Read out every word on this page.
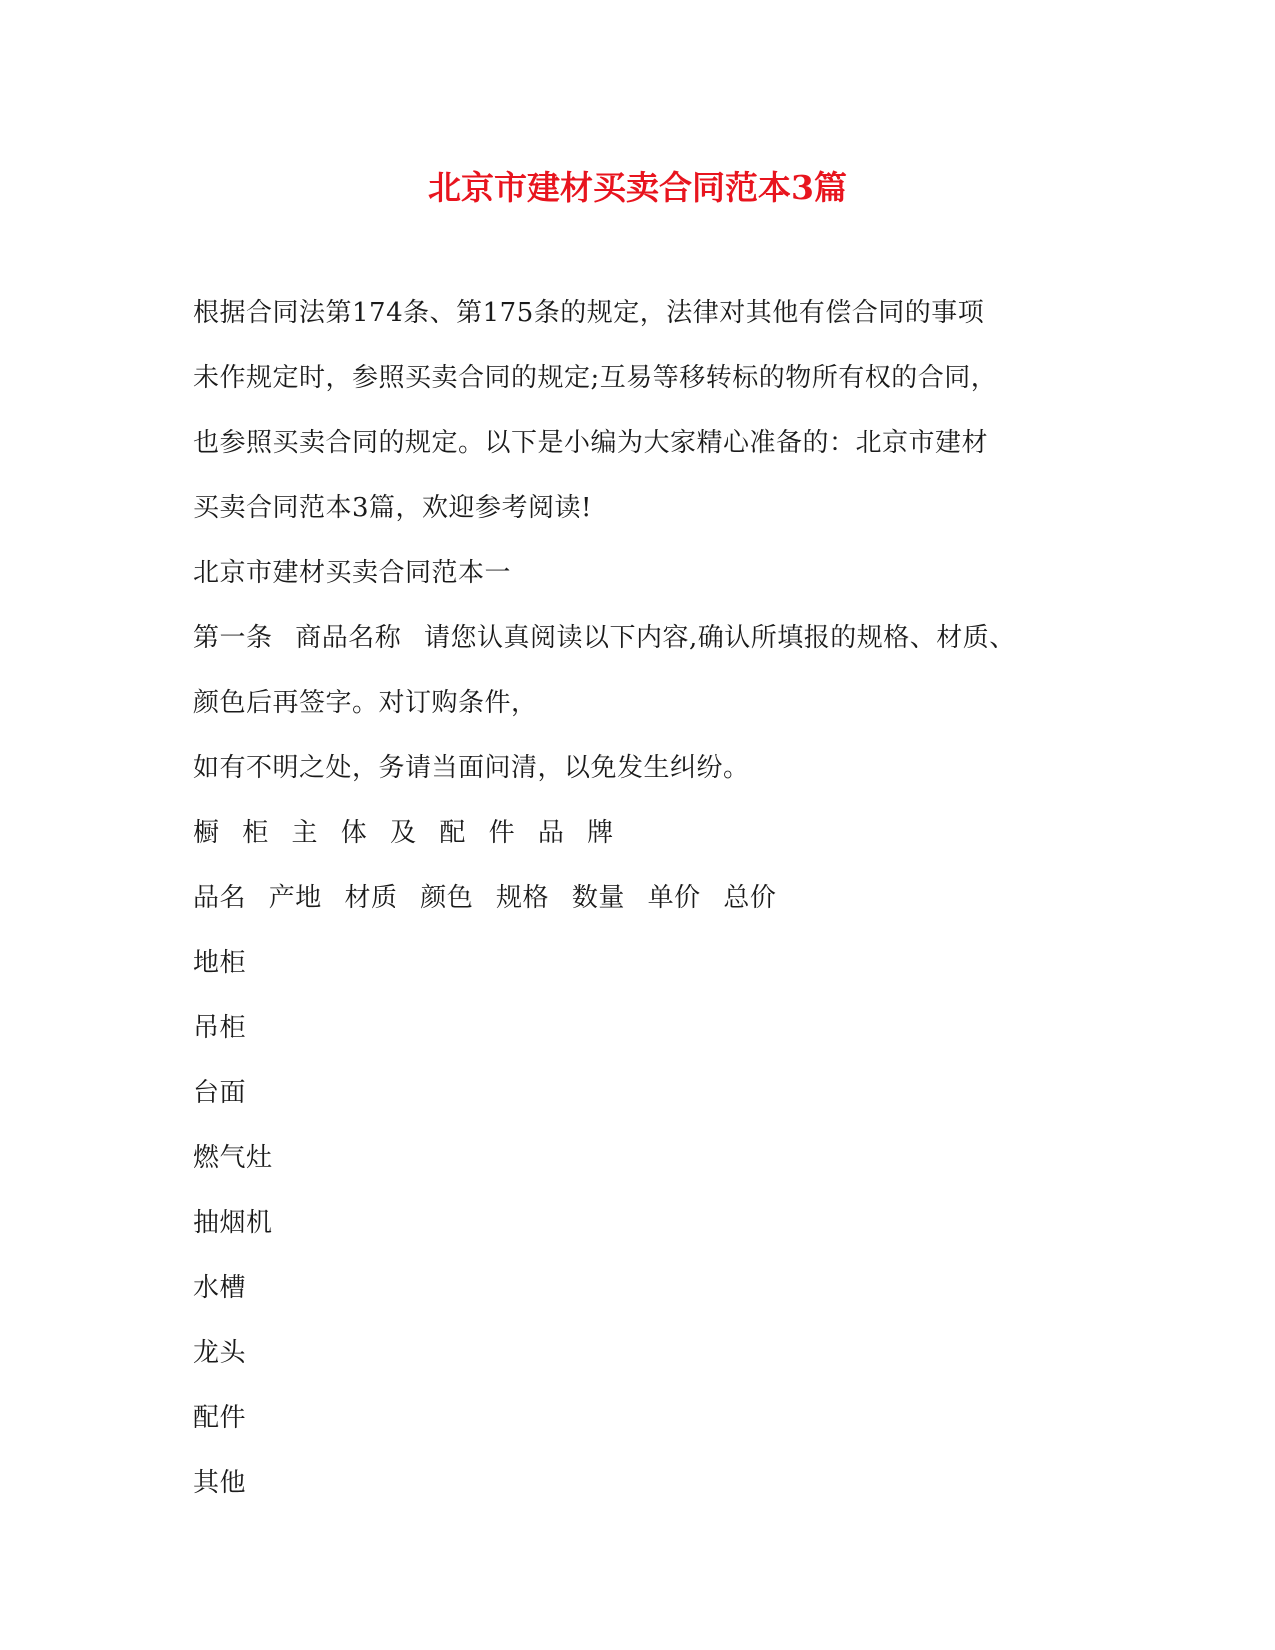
北京市建材买卖合同范本3篇
根据合同法第174条、第175条的规定，法律对其他有偿合同的事项
未作规定时，参照买卖合同的规定;互易等移转标的物所有权的合同，
也参照买卖合同的规定。以下是小编为大家精心准备的：北京市建材
买卖合同范本3篇，欢迎参考阅读!
北京市建材买卖合同范本一
第一条 商品名称 请您认真阅读以下内容,确认所填报的规格、材质、
颜色后再签字。对订购条件，
如有不明之处，务请当面问清，以免发生纠纷。
橱 柜 主 体 及 配 件 品 牌
品名 产地 材质 颜色 规格 数量 单价 总价
地柜
吊柜
台面
燃气灶
抽烟机
水槽
龙头
配件
其他
